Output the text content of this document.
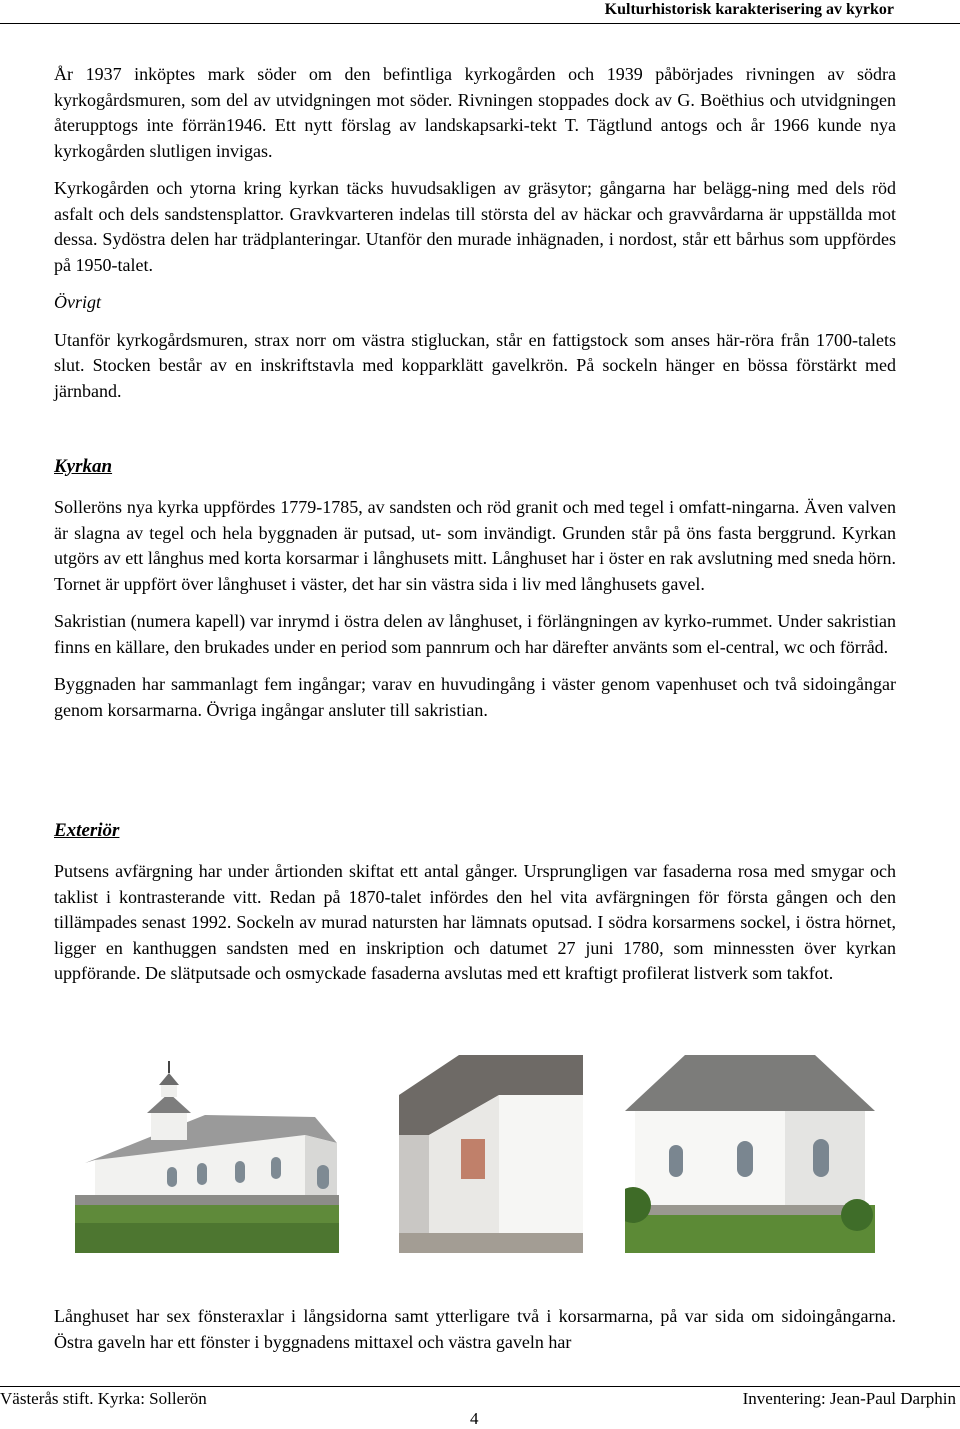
Kulturhistorisk karakterisering av kyrkor

År 1937 inköptes mark söder om den befintliga kyrkogården och 1939 påbörjades rivningen av södra kyrkogårdsmuren, som del av utvidgningen mot söder. Rivningen stoppades dock av G. Boëthius och utvidgningen återupptogs inte förrän1946. Ett nytt förslag av landskapsarki-tekt T. Tägtlund antogs och år 1966 kunde nya kyrkogården slutligen invigas.

Kyrkogården och ytorna kring kyrkan täcks huvudsakligen av gräsytor; gångarna har belägg-ning med dels röd asfalt och dels sandstensplattor. Gravkvarteren indelas till största del av häckar och gravvårdarna är uppställda mot dessa. Sydöstra delen har trädplanteringar. Utanför den murade inhägnaden, i nordost, står ett bårhus som uppfördes på 1950-talet.

Övrigt

Utanför kyrkogårdsmuren, strax norr om västra stigluckan, står en fattigstock som anses här-röra från 1700-talets slut. Stocken består av en inskriftstavla med kopparklätt gavelkrön. På sockeln hänger en bössa förstärkt med järnband.

Kyrkan

Solleröns nya kyrka uppfördes 1779-1785, av sandsten och röd granit och med tegel i omfatt-ningarna. Även valven är slagna av tegel och hela byggnaden är putsad, ut- som invändigt. Grunden står på öns fasta berggrund. Kyrkan utgörs av ett långhus med korta korsarmar i långhusets mitt. Långhuset har i öster en rak avslutning med sneda hörn. Tornet är uppfört över långhuset i väster, det har sin västra sida i liv med långhusets gavel.

Sakristian (numera kapell) var inrymd i östra delen av långhuset, i förlängningen av kyrko-rummet. Under sakristian finns en källare, den brukades under en period som pannrum och har därefter använts som el-central, wc och förråd.

Byggnaden har sammanlagt fem ingångar; varav en huvudingång i väster genom vapenhuset och två sidoingångar genom korsarmarna. Övriga ingångar ansluter till sakristian.

Exteriör

Putsens avfärgning har under årtionden skiftat ett antal gånger. Ursprungligen var fasaderna rosa med smygar och taklist i kontrasterande vitt. Redan på 1870-talet infördes den hel vita avfärgningen för första gången och den tillämpades senast 1992. Sockeln av murad natursten har lämnats oputsad. I södra korsarmens sockel, i östra hörnet, ligger en kanthuggen sandsten med en inskription och datumet 27 juni 1780, som minnessten över kyrkan uppförande. De slätputsade och osmyckade fasaderna avslutas med ett kraftigt profilerat listverk som takfot.

Långhuset har sex fönsteraxlar i långsidorna samt ytterligare två i korsarmarna, på var sida om sidoingångarna. Östra gaveln har ett fönster i byggnadens mittaxel och västra gaveln har

Västerås stift. Kyrka: Sollerön	Inventering: Jean-Paul Darphin
4
